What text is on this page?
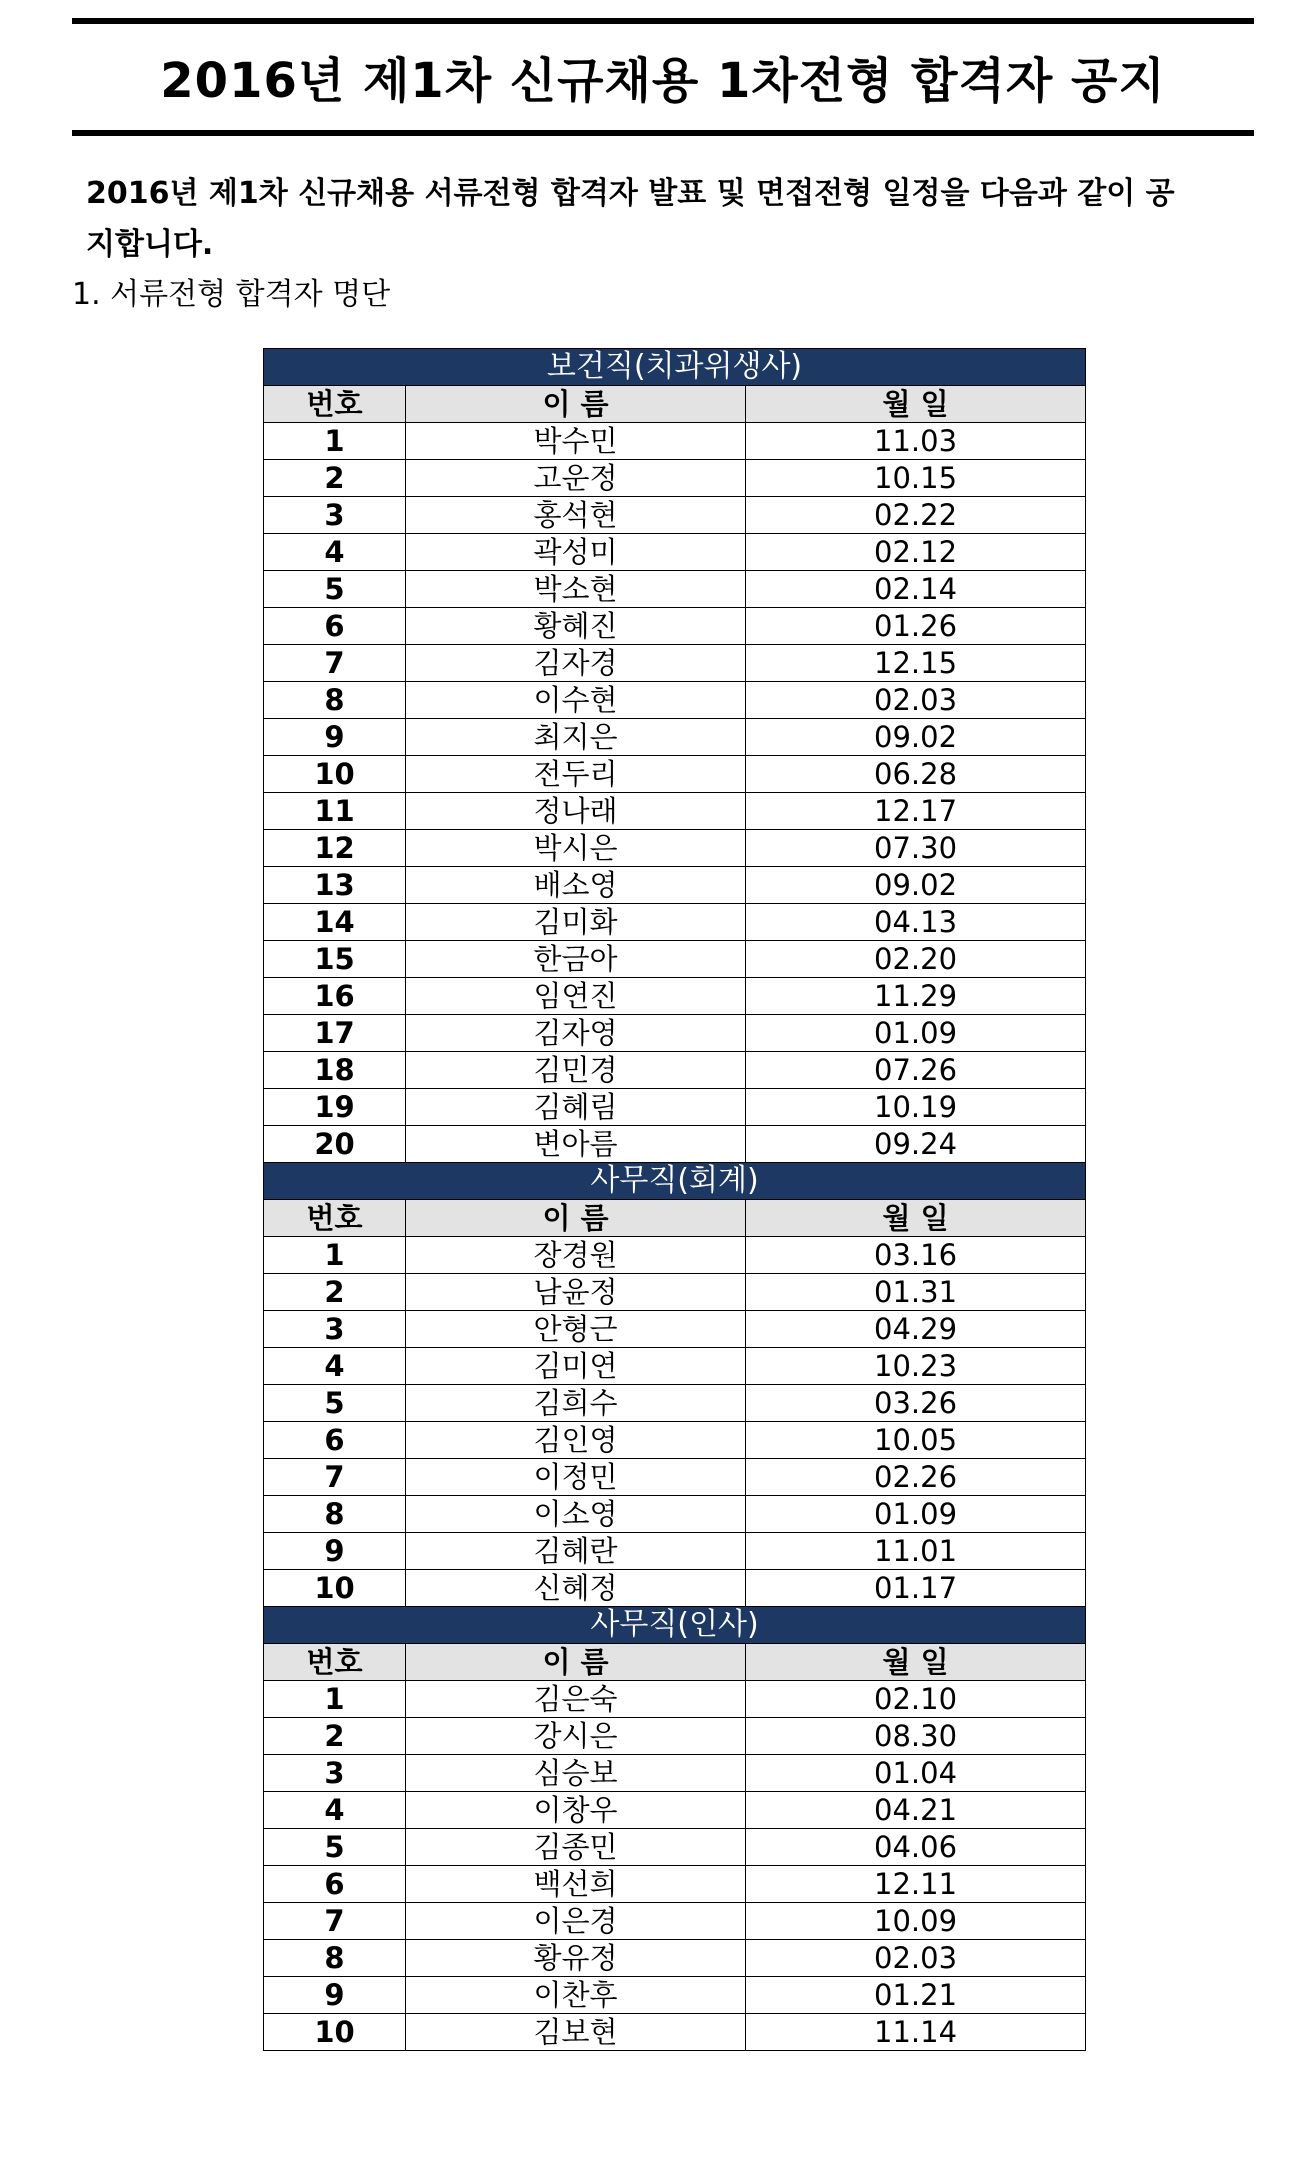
2016년 제1차 신규채용 1차전형 합격자 공지
2016년 제1차 신규채용 서류전형 합격자 발표 및 면접전형 일정을 다음과 같이 공지합니다.
1. 서류전형 합격자 명단
보건직(치과위생사)		
번호	이 름	월 일
1	박수민	11.03
2	고운정	10.15
3	홍석현	02.22
4	곽성미	02.12
5	박소현	02.14
6	황혜진	01.26
7	김자경	12.15
8	이수현	02.03
9	최지은	09.02
10	전두리	06.28
11	정나래	12.17
12	박시은	07.30
13	배소영	09.02
14	김미화	04.13
15	한금아	02.20
16	임연진	11.29
17	김자영	01.09
18	김민경	07.26
19	김혜림	10.19
20	변아름	09.24
사무직(회계)		
번호	이 름	월 일
1	장경원	03.16
2	남윤정	01.31
3	안형근	04.29
4	김미연	10.23
5	김희수	03.26
6	김인영	10.05
7	이정민	02.26
8	이소영	01.09
9	김혜란	11.01
10	신혜정	01.17
사무직(인사)		
번호	이 름	월 일
1	김은숙	02.10
2	강시은	08.30
3	심승보	01.04
4	이창우	04.21
5	김종민	04.06
6	백선희	12.11
7	이은경	10.09
8	황유정	02.03
9	이찬후	01.21
10	김보현	11.14
